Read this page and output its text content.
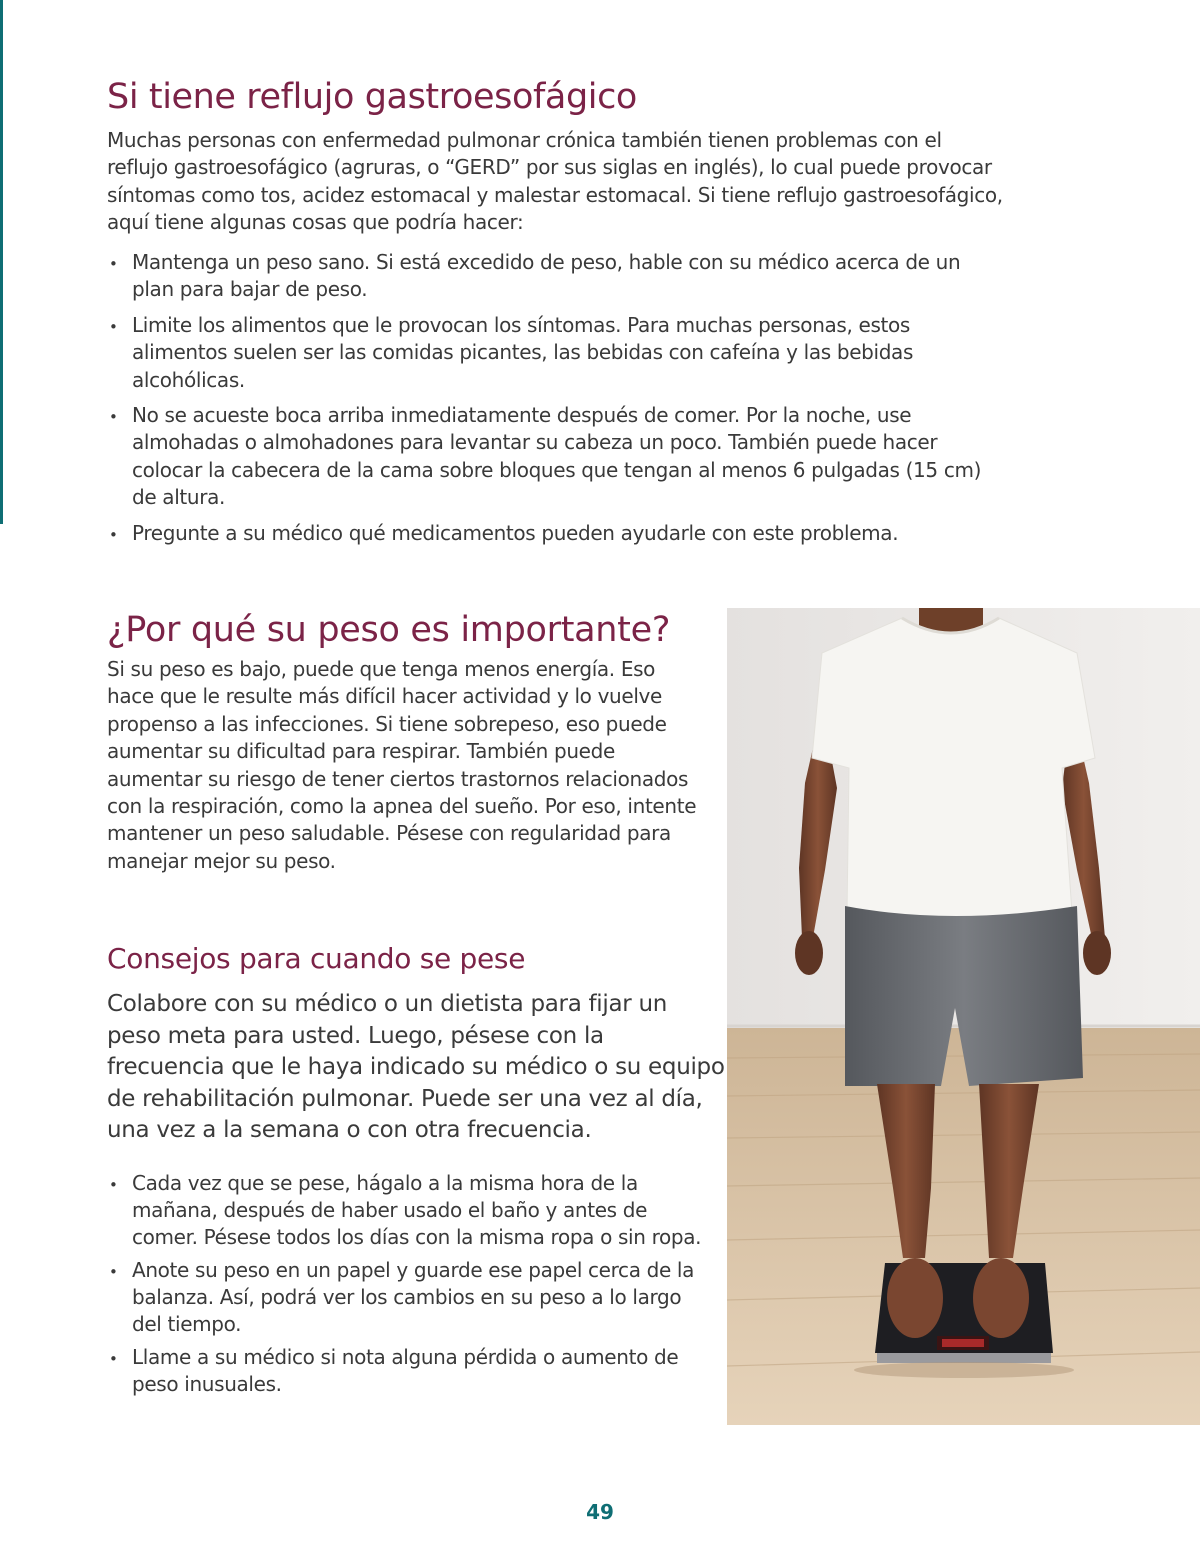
Si tiene reflujo gastroesofágico

Muchas personas con enfermedad pulmonar crónica también tienen problemas con el reflujo gastroesofágico (agruras, o “GERD” por sus siglas en inglés), lo cual puede provocar síntomas como tos, acidez estomacal y malestar estomacal. Si tiene reflujo gastroesofágico, aquí tiene algunas cosas que podría hacer:

• Mantenga un peso sano. Si está excedido de peso, hable con su médico acerca de un plan para bajar de peso.
• Limite los alimentos que le provocan los síntomas. Para muchas personas, estos alimentos suelen ser las comidas picantes, las bebidas con cafeína y las bebidas alcohólicas.
• No se acueste boca arriba inmediatamente después de comer. Por la noche, use almohadas o almohadones para levantar su cabeza un poco. También puede hacer colocar la cabecera de la cama sobre bloques que tengan al menos 6 pulgadas (15 cm) de altura.
• Pregunte a su médico qué medicamentos pueden ayudarle con este problema.
¿Por qué su peso es importante?

Si su peso es bajo, puede que tenga menos energía. Eso hace que le resulte más difícil hacer actividad y lo vuelve propenso a las infecciones. Si tiene sobrepeso, eso puede aumentar su dificultad para respirar. También puede aumentar su riesgo de tener ciertos trastornos relacionados con la respiración, como la apnea del sueño. Por eso, intente mantener un peso saludable. Pésese con regularidad para manejar mejor su peso.

Consejos para cuando se pese

Colabore con su médico o un dietista para fijar un peso meta para usted. Luego, pésese con la frecuencia que le haya indicado su médico o su equipo de rehabilitación pulmonar. Puede ser una vez al día, una vez a la semana o con otra frecuencia.

• Cada vez que se pese, hágalo a la misma hora de la mañana, después de haber usado el baño y antes de comer. Pésese todos los días con la misma ropa o sin ropa.
• Anote su peso en un papel y guarde ese papel cerca de la balanza. Así, podrá ver los cambios en su peso a lo largo del tiempo.
• Llame a su médico si nota alguna pérdida o aumento de peso inusuales.
49
